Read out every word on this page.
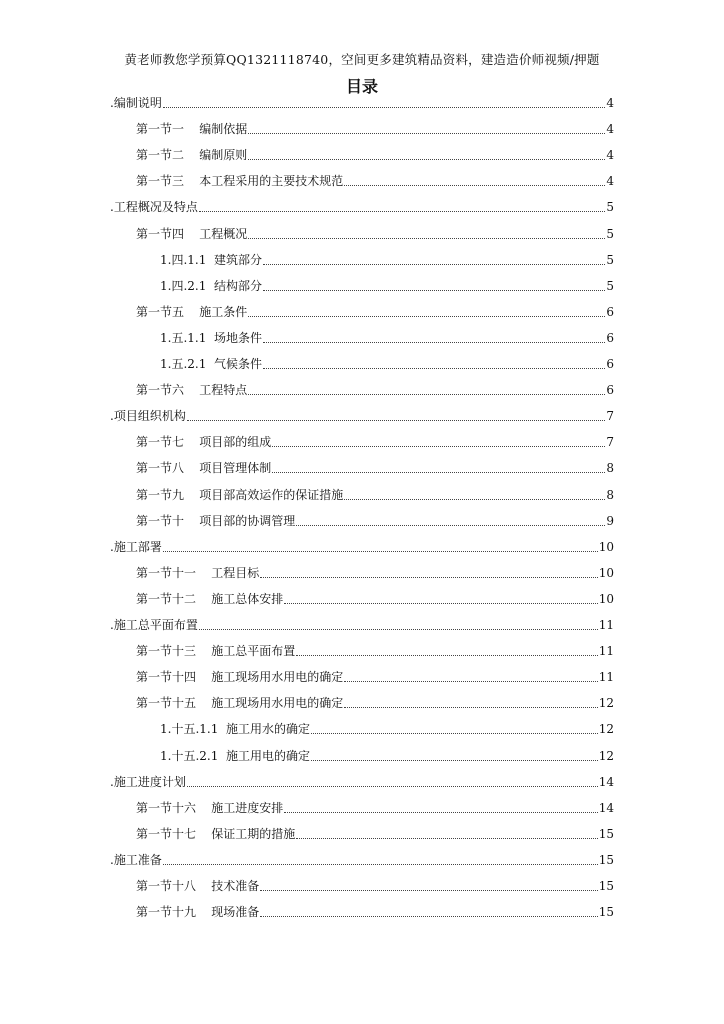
黄老师教您学预算QQ1321118740，空间更多建筑精品资料，建造造价师视频/押题
目录
.编制说明	4
第一节一    编制依据	4
第一节二    编制原则	4
第一节三    本工程采用的主要技术规范	4
.工程概况及特点	5
第一节四    工程概况	5
1.四.1.1  建筑部分	5
1.四.2.1  结构部分	5
第一节五    施工条件	6
1.五.1.1  场地条件	6
1.五.2.1  气候条件	6
第一节六    工程特点	6
.项目组织机构	7
第一节七    项目部的组成	7
第一节八    项目管理体制	8
第一节九    项目部高效运作的保证措施	8
第一节十    项目部的协调管理	9
.施工部署	10
第一节十一    工程目标	10
第一节十二    施工总体安排	10
.施工总平面布置	11
第一节十三    施工总平面布置	11
第一节十四    施工现场用水用电的确定	11
第一节十五    施工现场用水用电的确定	12
1.十五.1.1  施工用水的确定	12
1.十五.2.1  施工用电的确定	12
.施工进度计划	14
第一节十六    施工进度安排	14
第一节十七    保证工期的措施	15
.施工准备	15
第一节十八    技术准备	15
第一节十九    现场准备	15
